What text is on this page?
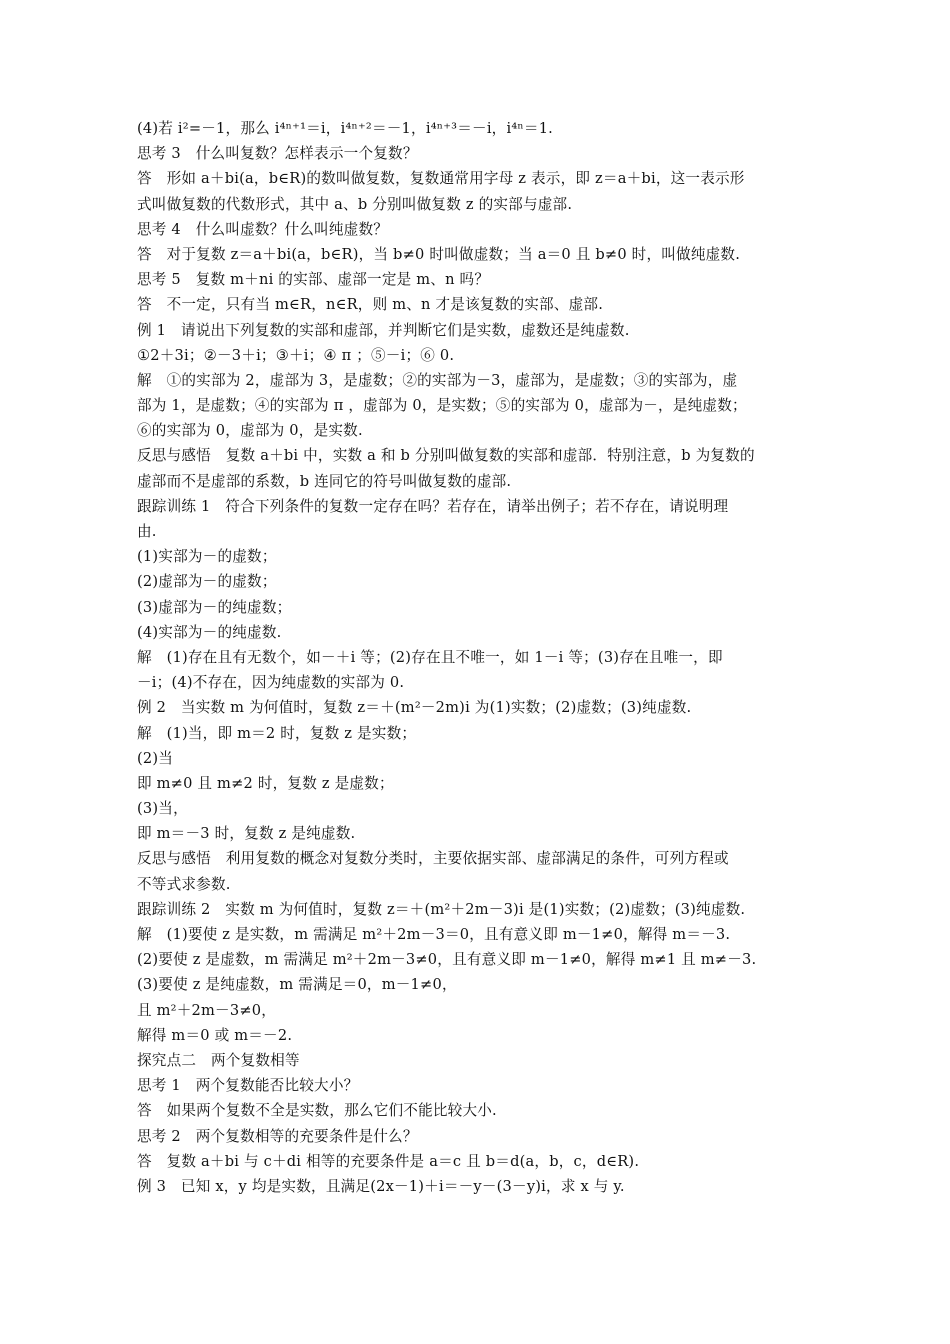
(4)若 i²=－1，那么 i⁴ⁿ⁺¹＝i，i⁴ⁿ⁺²＝－1，i⁴ⁿ⁺³＝－i，i⁴ⁿ＝1.
思考 3　什么叫复数？怎样表示一个复数？
答　形如 a＋bi(a，b∈R)的数叫做复数，复数通常用字母 z 表示，即 z＝a＋bi，这一表示形
式叫做复数的代数形式，其中 a、b 分别叫做复数 z 的实部与虚部.
思考 4　什么叫虚数？什么叫纯虚数？
答　对于复数 z＝a＋bi(a，b∈R)，当 b≠0 时叫做虚数；当 a＝0 且 b≠0 时，叫做纯虚数.
思考 5　复数 m＋ni 的实部、虚部一定是 m、n 吗？
答　不一定，只有当 m∈R，n∈R，则 m、n 才是该复数的实部、虚部.
例 1　请说出下列复数的实部和虚部，并判断它们是实数，虚数还是纯虚数.
①2＋3i；②－3＋i；③＋i；④ π ；⑤－i；⑥ 0.
解　①的实部为 2，虚部为 3，是虚数；②的实部为－3，虚部为，是虚数；③的实部为，虚
部为 1，是虚数；④的实部为 π ，虚部为 0，是实数；⑤的实部为 0，虚部为－，是纯虚数；
⑥的实部为 0，虚部为 0，是实数.
反思与感悟　复数 a＋bi 中，实数 a 和 b 分别叫做复数的实部和虚部．特别注意，b 为复数的
虚部而不是虚部的系数，b 连同它的符号叫做复数的虚部.
跟踪训练 1　符合下列条件的复数一定存在吗？若存在，请举出例子；若不存在，请说明理
由.
(1)实部为－的虚数；
(2)虚部为－的虚数；
(3)虚部为－的纯虚数；
(4)实部为－的纯虚数.
解　(1)存在且有无数个，如－＋i 等；(2)存在且不唯一，如 1－i 等；(3)存在且唯一，即
－i；(4)不存在，因为纯虚数的实部为 0.
例 2　当实数 m 为何值时，复数 z＝＋(m²－2m)i 为(1)实数；(2)虚数；(3)纯虚数.
解　(1)当，即 m＝2 时，复数 z 是实数；
(2)当
即 m≠0 且 m≠2 时，复数 z 是虚数；
(3)当，
即 m＝－3 时，复数 z 是纯虚数.
反思与感悟　利用复数的概念对复数分类时，主要依据实部、虚部满足的条件，可列方程或
不等式求参数.
跟踪训练 2　实数 m 为何值时，复数 z＝＋(m²＋2m－3)i 是(1)实数；(2)虚数；(3)纯虚数.
解　(1)要使 z 是实数，m 需满足 m²＋2m－3＝0，且有意义即 m－1≠0，解得 m＝－3.
(2)要使 z 是虚数，m 需满足 m²＋2m－3≠0，且有意义即 m－1≠0，解得 m≠1 且 m≠－3.
(3)要使 z 是纯虚数，m 需满足＝0，m－1≠0，
且 m²＋2m－3≠0，
解得 m＝0 或 m＝－2.
探究点二　两个复数相等
思考 1　两个复数能否比较大小？
答　如果两个复数不全是实数，那么它们不能比较大小.
思考 2　两个复数相等的充要条件是什么？
答　复数 a＋bi 与 c＋di 相等的充要条件是 a＝c 且 b＝d(a，b，c，d∈R).
例 3　已知 x，y 均是实数，且满足(2x－1)＋i＝－y－(3－y)i，求 x 与 y.
